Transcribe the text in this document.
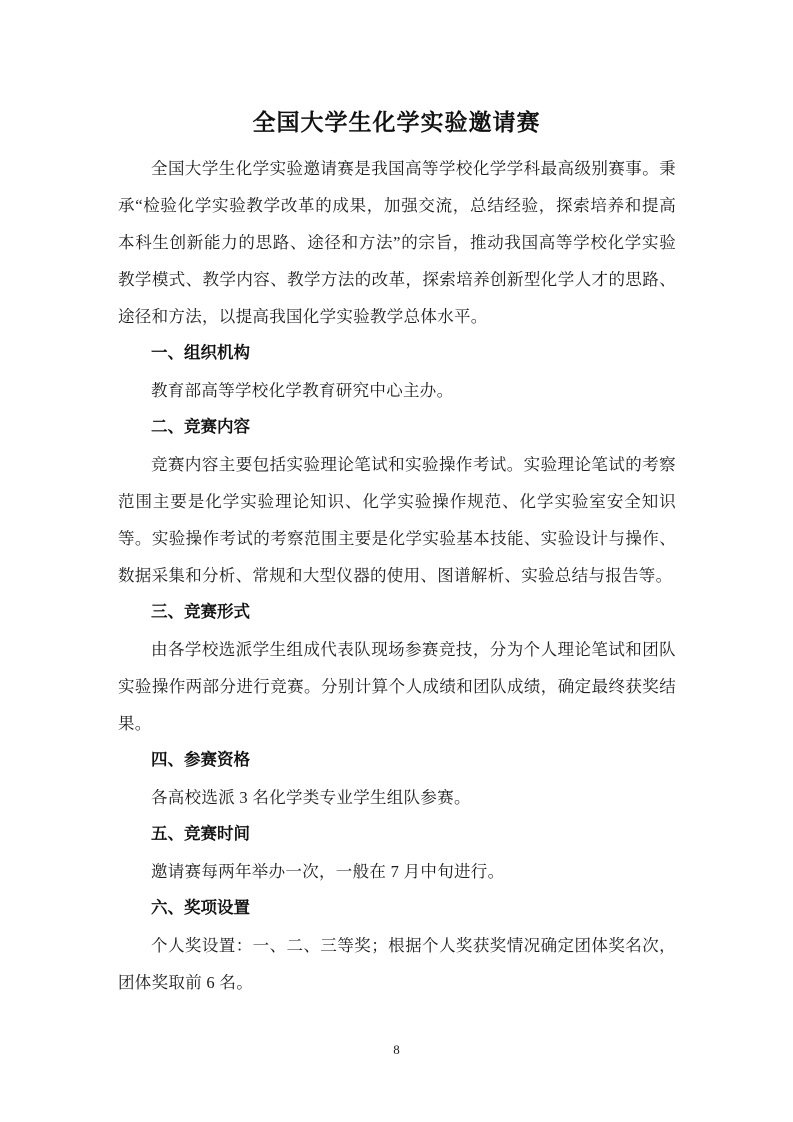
全国大学生化学实验邀请赛

全国大学生化学实验邀请赛是我国高等学校化学学科最高级别赛事。秉承“检验化学实验教学改革的成果，加强交流，总结经验，探索培养和提高本科生创新能力的思路、途径和方法”的宗旨，推动我国高等学校化学实验教学模式、教学内容、教学方法的改革，探索培养创新型化学人才的思路、途径和方法，以提高我国化学实验教学总体水平。

一、组织机构

教育部高等学校化学教育研究中心主办。

二、竞赛内容

竞赛内容主要包括实验理论笔试和实验操作考试。实验理论笔试的考察范围主要是化学实验理论知识、化学实验操作规范、化学实验室安全知识等。实验操作考试的考察范围主要是化学实验基本技能、实验设计与操作、数据采集和分析、常规和大型仪器的使用、图谱解析、实验总结与报告等。

三、竞赛形式

由各学校选派学生组成代表队现场参赛竞技，分为个人理论笔试和团队实验操作两部分进行竞赛。分别计算个人成绩和团队成绩，确定最终获奖结果。

四、参赛资格

各高校选派 3 名化学类专业学生组队参赛。

五、竞赛时间

邀请赛每两年举办一次，一般在 7 月中旬进行。

六、奖项设置

个人奖设置：一、二、三等奖；根据个人奖获奖情况确定团体奖名次，团体奖取前 6 名。

8
